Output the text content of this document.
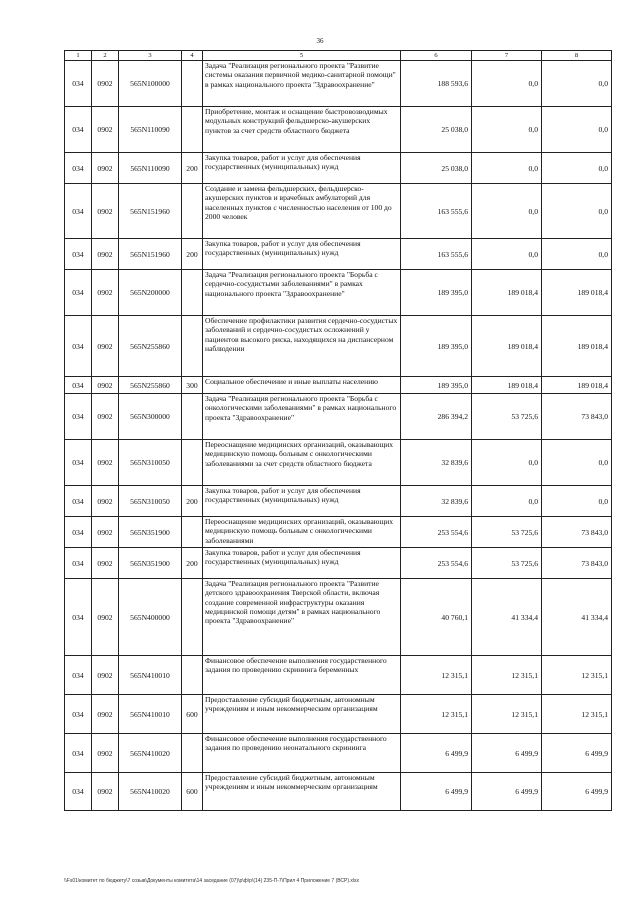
36
1	2	3	4	5	6	7	8
034	0902	565N100000		Задача "Реализация регионального проекта "Развитие системы оказания первичной медико-санитарной помощи" в рамках национального проекта "Здравоохранение"	188 593,6	0,0	0,0
034	0902	565N110090		Приобретение, монтаж и оснащение быстровозводимых модульных конструкций фельдшерско-акушерских пунктов за счет средств областного бюджета	25 038,0	0,0	0,0
034	0902	565N110090	200	Закупка товаров, работ и услуг для обеспечения государственных (муниципальных) нужд	25 038,0	0,0	0,0
034	0902	565N151960		Создание и замена фельдшерских, фельдшерско-акушерских пунктов и врачебных амбулаторий для населенных пунктов с численностью населения от 100 до 2000 человек	163 555,6	0,0	0,0
034	0902	565N151960	200	Закупка товаров, работ и услуг для обеспечения государственных (муниципальных) нужд	163 555,6	0,0	0,0
034	0902	565N200000		Задача "Реализация регионального проекта "Борьба с сердечно-сосудистыми заболеваниями" в рамках национального проекта "Здравоохранение"	189 395,0	189 018,4	189 018,4
034	0902	565N255860		Обеспечение профилактики развития сердечно-сосудистых заболеваний и сердечно-сосудистых осложнений у пациентов высокого риска, находящихся на диспансерном наблюдении	189 395,0	189 018,4	189 018,4
034	0902	565N255860	300	Социальное обеспечение и иные выплаты населению	189 395,0	189 018,4	189 018,4
034	0902	565N300000		Задача "Реализация регионального проекта "Борьба с онкологическими заболеваниями" в рамках национального проекта "Здравоохранение"	286 394,2	53 725,6	73 843,0
034	0902	565N310050		Переоснащение медицинских организаций, оказывающих медицинскую помощь больным с онкологическими заболеваниями за счет средств областного бюджета	32 839,6	0,0	0,0
034	0902	565N310050	200	Закупка товаров, работ и услуг для обеспечения государственных (муниципальных) нужд	32 839,6	0,0	0,0
034	0902	565N351900		Переоснащение медицинских организаций, оказывающих медицинскую помощь больным с онкологическими заболеваниями	253 554,6	53 725,6	73 843,0
034	0902	565N351900	200	Закупка товаров, работ и услуг для обеспечения государственных (муниципальных) нужд	253 554,6	53 725,6	73 843,0
034	0902	565N400000		Задача "Реализация регионального проекта "Развитие детского здравоохранения Тверской области, включая создание современной инфраструктуры оказания медицинской помощи детям" в рамках национального проекта "Здравоохранение"	40 760,1	41 334,4	41 334,4
034	0902	565N410010		Финансовое обеспечение выполнения государственного задания по проведению скрининга беременных	12 315,1	12 315,1	12 315,1
034	0902	565N410010	600	Предоставление субсидий бюджетным, автономным учреждениям и иным некоммерческим организациям	12 315,1	12 315,1	12 315,1
034	0902	565N410020		Финансовое обеспечение выполнения государственного задания по проведению неонатального скрининга	6 499,9	6 499,9	6 499,9
034	0902	565N410020	600	Предоставление субсидий бюджетным, автономным учреждениям и иным некоммерческим организациям	6 499,9	6 499,9	6 499,9
\\Fs01\комитет по бюджету\7 созыв\Документы комитета\14 заседание (07)\p\ф\p\(14) 235-П-7\Прил 4 Приложение 7 (ВСР).xlsx
